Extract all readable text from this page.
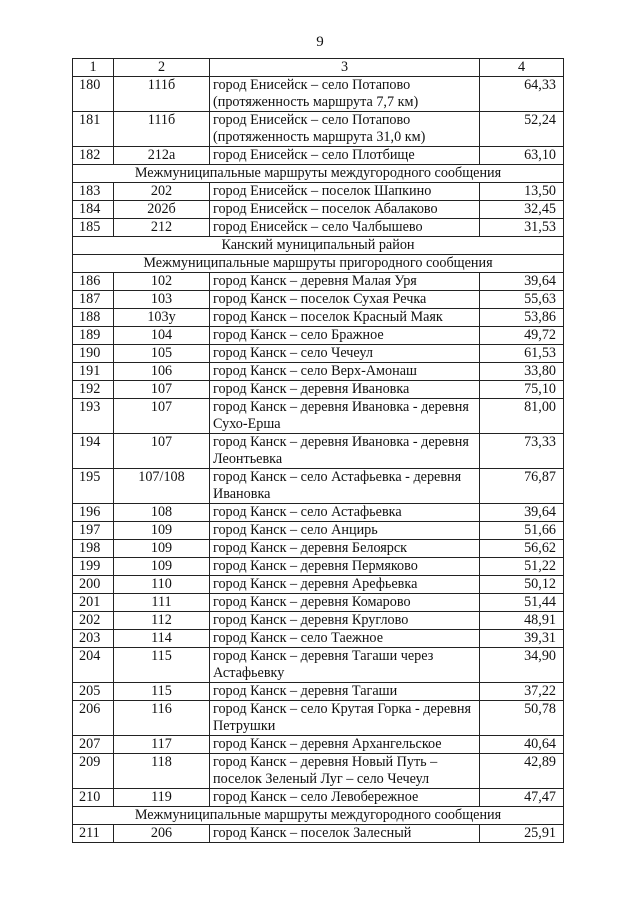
9
1	2	3	4
180	111б	город Енисейск – село Потапово (протяженность маршрута 7,7 км)	64,33
181	111б	город Енисейск – село Потапово (протяженность маршрута 31,0 км)	52,24
182	212а	город Енисейск – село Плотбище	63,10
Межмуниципальные маршруты междугородного сообщения			
183	202	город Енисейск – поселок Шапкино	13,50
184	202б	город Енисейск – поселок Абалаково	32,45
185	212	город Енисейск – село Чалбышево	31,53
Канский муниципальный район			
Межмуниципальные маршруты пригородного сообщения			
186	102	город Канск – деревня Малая Уря	39,64
187	103	город Канск – поселок Сухая Речка	55,63
188	103у	город Канск – поселок Красный Маяк	53,86
189	104	город Канск – село Бражное	49,72
190	105	город Канск – село Чечеул	61,53
191	106	город Канск – село Верх-Амонаш	33,80
192	107	город Канск – деревня Ивановка	75,10
193	107	город Канск – деревня Ивановка - деревня Сухо-Ерша	81,00
194	107	город Канск – деревня Ивановка - деревня Леонтьевка	73,33
195	107/108	город Канск – село Астафьевка - деревня Ивановка	76,87
196	108	город Канск – село Астафьевка	39,64
197	109	город Канск – село Анцирь	51,66
198	109	город Канск – деревня Белоярск	56,62
199	109	город Канск – деревня Пермяково	51,22
200	110	город Канск – деревня Арефьевка	50,12
201	111	город Канск – деревня Комарово	51,44
202	112	город Канск – деревня Круглово	48,91
203	114	город Канск – село Таежное	39,31
204	115	город Канск – деревня Тагаши через Астафьевку	34,90
205	115	город Канск – деревня Тагаши	37,22
206	116	город Канск – село Крутая Горка - деревня Петрушки	50,78
207	117	город Канск – деревня Архангельское	40,64
209	118	город Канск – деревня Новый Путь – поселок Зеленый Луг – село Чечеул	42,89
210	119	город Канск – село Левобережное	47,47
Межмуниципальные маршруты междугородного сообщения			
211	206	город Канск – поселок Залесный	25,91
